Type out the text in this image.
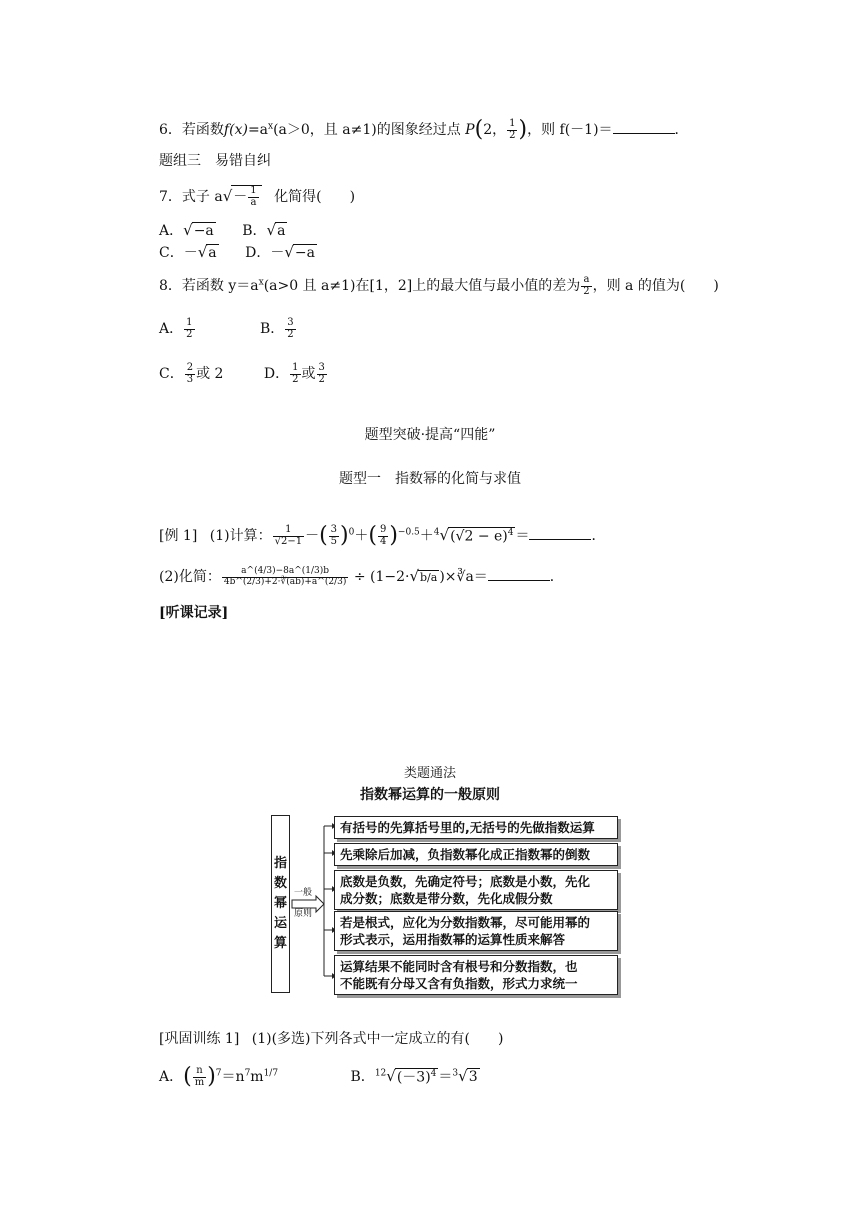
6．若函数$f(x)=a^x(a>0$，且 a≠1)的图象经过点 P(2， $\frac{1}{2}$ )，则 f(－1)＝	．
题组三　易错自纠
7．式子 $a√- \frac{1}{a}$ 化简得(　　)
A．√−a B．√a
C．－√a D．－√−a
8．若函数 $y=a^x(a>0$ 且 a≠1)在[1，2]上的最大值与最小值的差为 $\frac{a}{2}$ ，则 a 的值为(　　)
A． $\frac{1}{2}$	B． $\frac{3}{2}$
C． $\frac{2}{3}$ 或 2	D． $\frac{1}{2}$ 或 $\frac{3}{2}$
题型突破·提高“四能”
题型一　指数幂的化简与求值
[例 1] (1)计算： $\frac{1}{√2-1}$ －( $\frac{3}{5} )^0+( \frac{9}{4} )^{-0.5}+^4√(√2 - e)^4$ ＝	．
(2)化简： $\frac{a\^{}(4/3)-8a\^{}(1/3)b}{4b\^{}(2/3)+2\cdot∛(ab)+a\^{}(2/3)} \div (1-2\cdot√b/a$ )×∛a＝	．
[听课记录]
类题通法
指数幂运算的一般原则
指
数
幂
运
算
一般
原则
有括号的先算括号里的,无括号的先做指数运算
先乘除后加减，负指数幂化成正指数幂的倒数
底数是负数，先确定符号；底数是小数，先化
成分数；底数是带分数，先化成假分数
若是根式，应化为分数指数幂，尽可能用幂的
形式表示，运用指数幂的运算性质来解答
运算结果不能同时含有根号和分数指数，也
不能既有分母又含有负指数，形式力求统一
[巩固训练 1] (1)(多选)下列各式中一定成立的有(　　)
A．( $\frac{n}{m} )^7=n^7m^{1/7}$	B．$^{12}√(-3)^4 =^3√3$
